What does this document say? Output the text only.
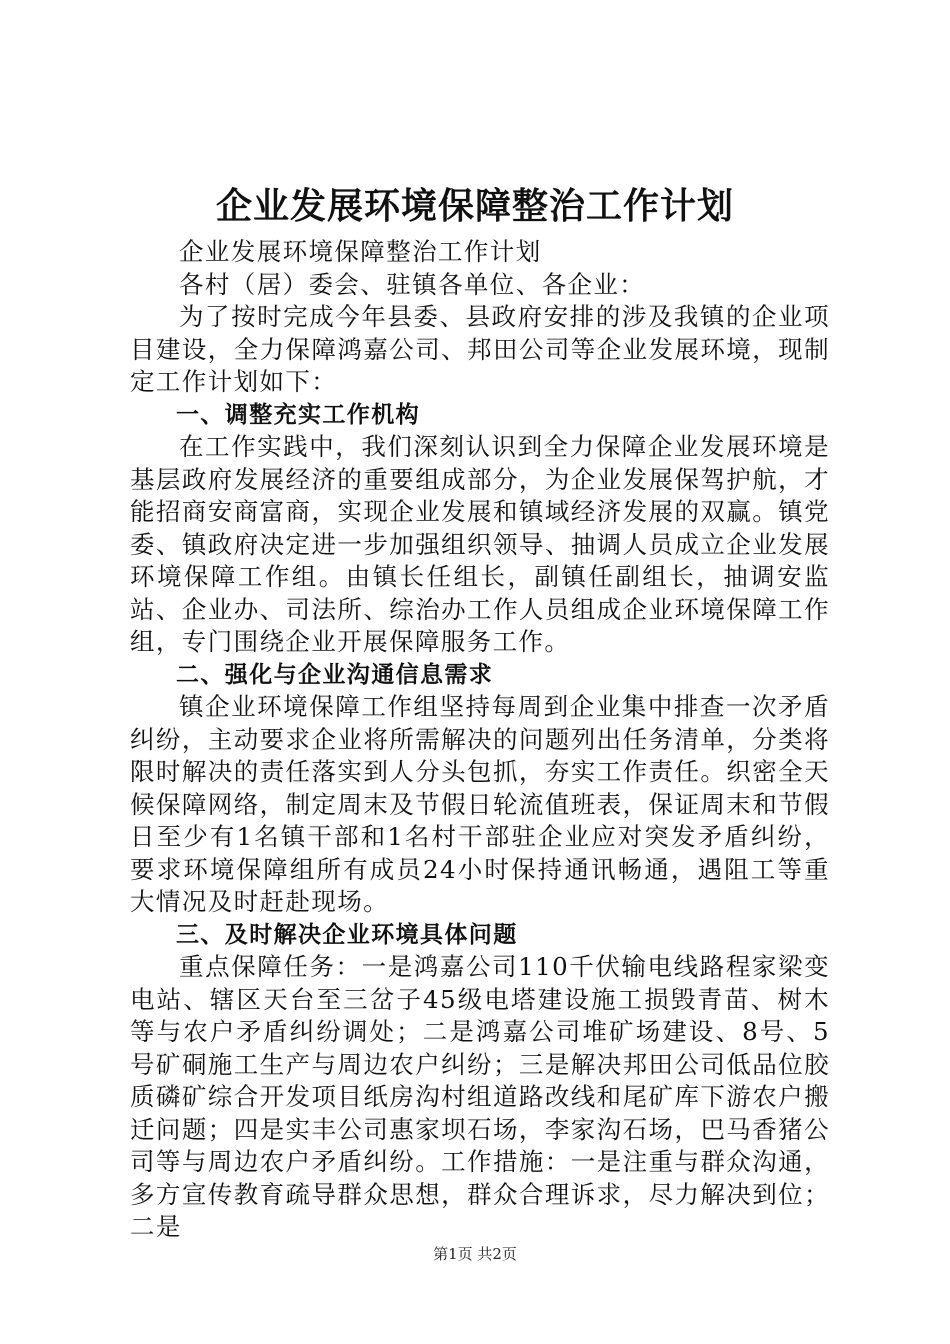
企业发展环境保障整治工作计划

企业发展环境保障整治工作计划

各村（居）委会、驻镇各单位、各企业：

为了按时完成今年县委、县政府安排的涉及我镇的企业项目建设，全力保障鸿嘉公司、邦田公司等企业发展环境，现制定工作计划如下：

一、调整充实工作机构

在工作实践中，我们深刻认识到全力保障企业发展环境是基层政府发展经济的重要组成部分，为企业发展保驾护航，才能招商安商富商，实现企业发展和镇域经济发展的双赢。镇党委、镇政府决定进一步加强组织领导、抽调人员成立企业发展环境保障工作组。由镇长任组长，副镇任副组长，抽调安监站、企业办、司法所、综治办工作人员组成企业环境保障工作组，专门围绕企业开展保障服务工作。

二、强化与企业沟通信息需求

镇企业环境保障工作组坚持每周到企业集中排查一次矛盾纠纷，主动要求企业将所需解决的问题列出任务清单，分类将限时解决的责任落实到人分头包抓，夯实工作责任。织密全天候保障网络，制定周末及节假日轮流值班表，保证周末和节假日至少有1名镇干部和1名村干部驻企业应对突发矛盾纠纷，要求环境保障组所有成员24小时保持通讯畅通，遇阻工等重大情况及时赶赴现场。

三、及时解决企业环境具体问题

重点保障任务：一是鸿嘉公司110千伏输电线路程家梁变电站、辖区天台至三岔子45级电塔建设施工损毁青苗、树木等与农户矛盾纠纷调处；二是鸿嘉公司堆矿场建设、8号、5号矿硐施工生产与周边农户纠纷；三是解决邦田公司低品位胶质磷矿综合开发项目纸房沟村组道路改线和尾矿库下游农户搬迁问题；四是实丰公司惠家坝石场，李家沟石场，巴马香猪公司等与周边农户矛盾纠纷。工作措施：一是注重与群众沟通，多方宣传教育疏导群众思想，群众合理诉求，尽力解决到位；二是

第1页 共2页
